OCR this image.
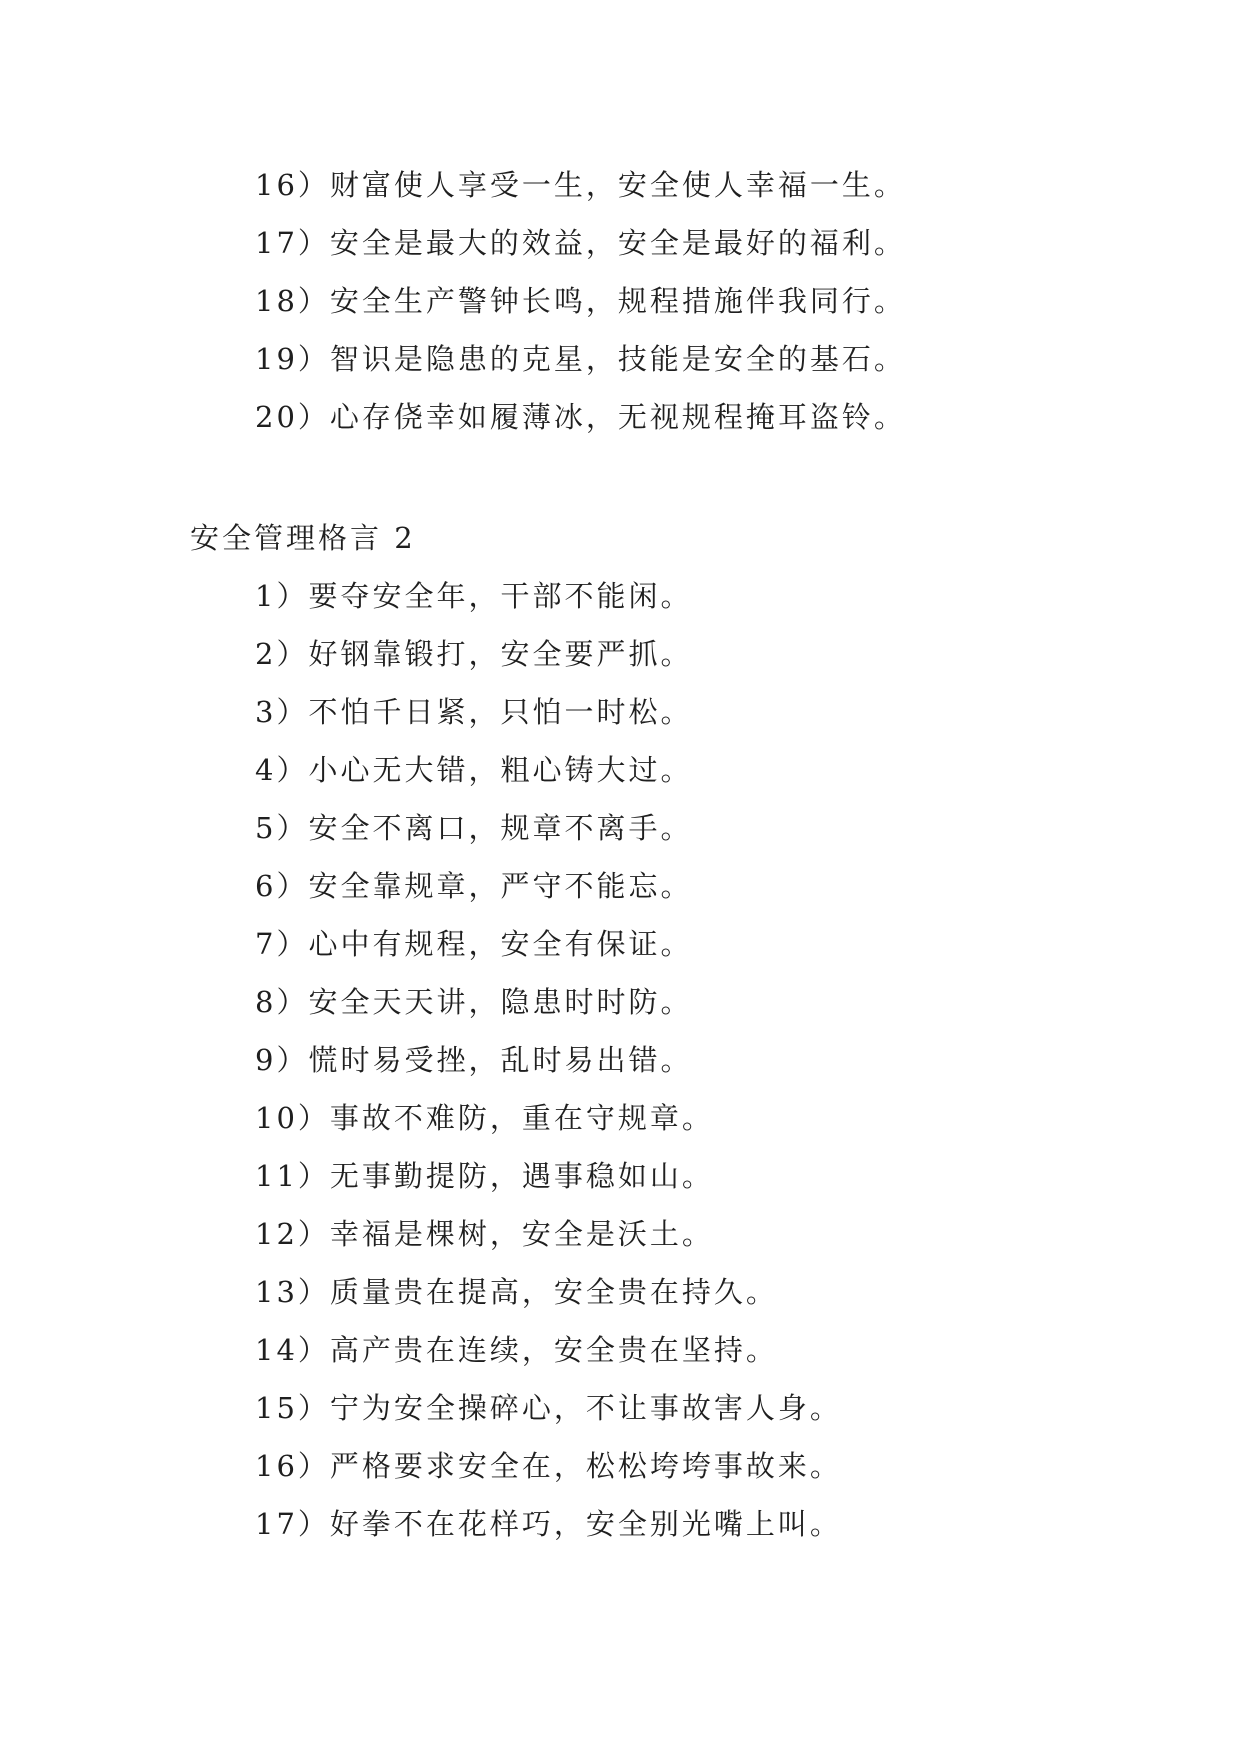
16）财富使人享受一生，安全使人幸福一生。
17）安全是最大的效益，安全是最好的福利。
18）安全生产警钟长鸣，规程措施伴我同行。
19）智识是隐患的克星，技能是安全的基石。
20）心存侥幸如履薄冰，无视规程掩耳盗铃。
安全管理格言 2
1）要夺安全年，干部不能闲。
2）好钢靠锻打，安全要严抓。
3）不怕千日紧，只怕一时松。
4）小心无大错，粗心铸大过。
5）安全不离口，规章不离手。
6）安全靠规章，严守不能忘。
7）心中有规程，安全有保证。
8）安全天天讲，隐患时时防。
9）慌时易受挫，乱时易出错。
10）事故不难防，重在守规章。
11）无事勤提防，遇事稳如山。
12）幸福是棵树，安全是沃土。
13）质量贵在提高，安全贵在持久。
14）高产贵在连续，安全贵在坚持。
15）宁为安全操碎心，不让事故害人身。
16）严格要求安全在，松松垮垮事故来。
17）好拳不在花样巧，安全别光嘴上叫。
